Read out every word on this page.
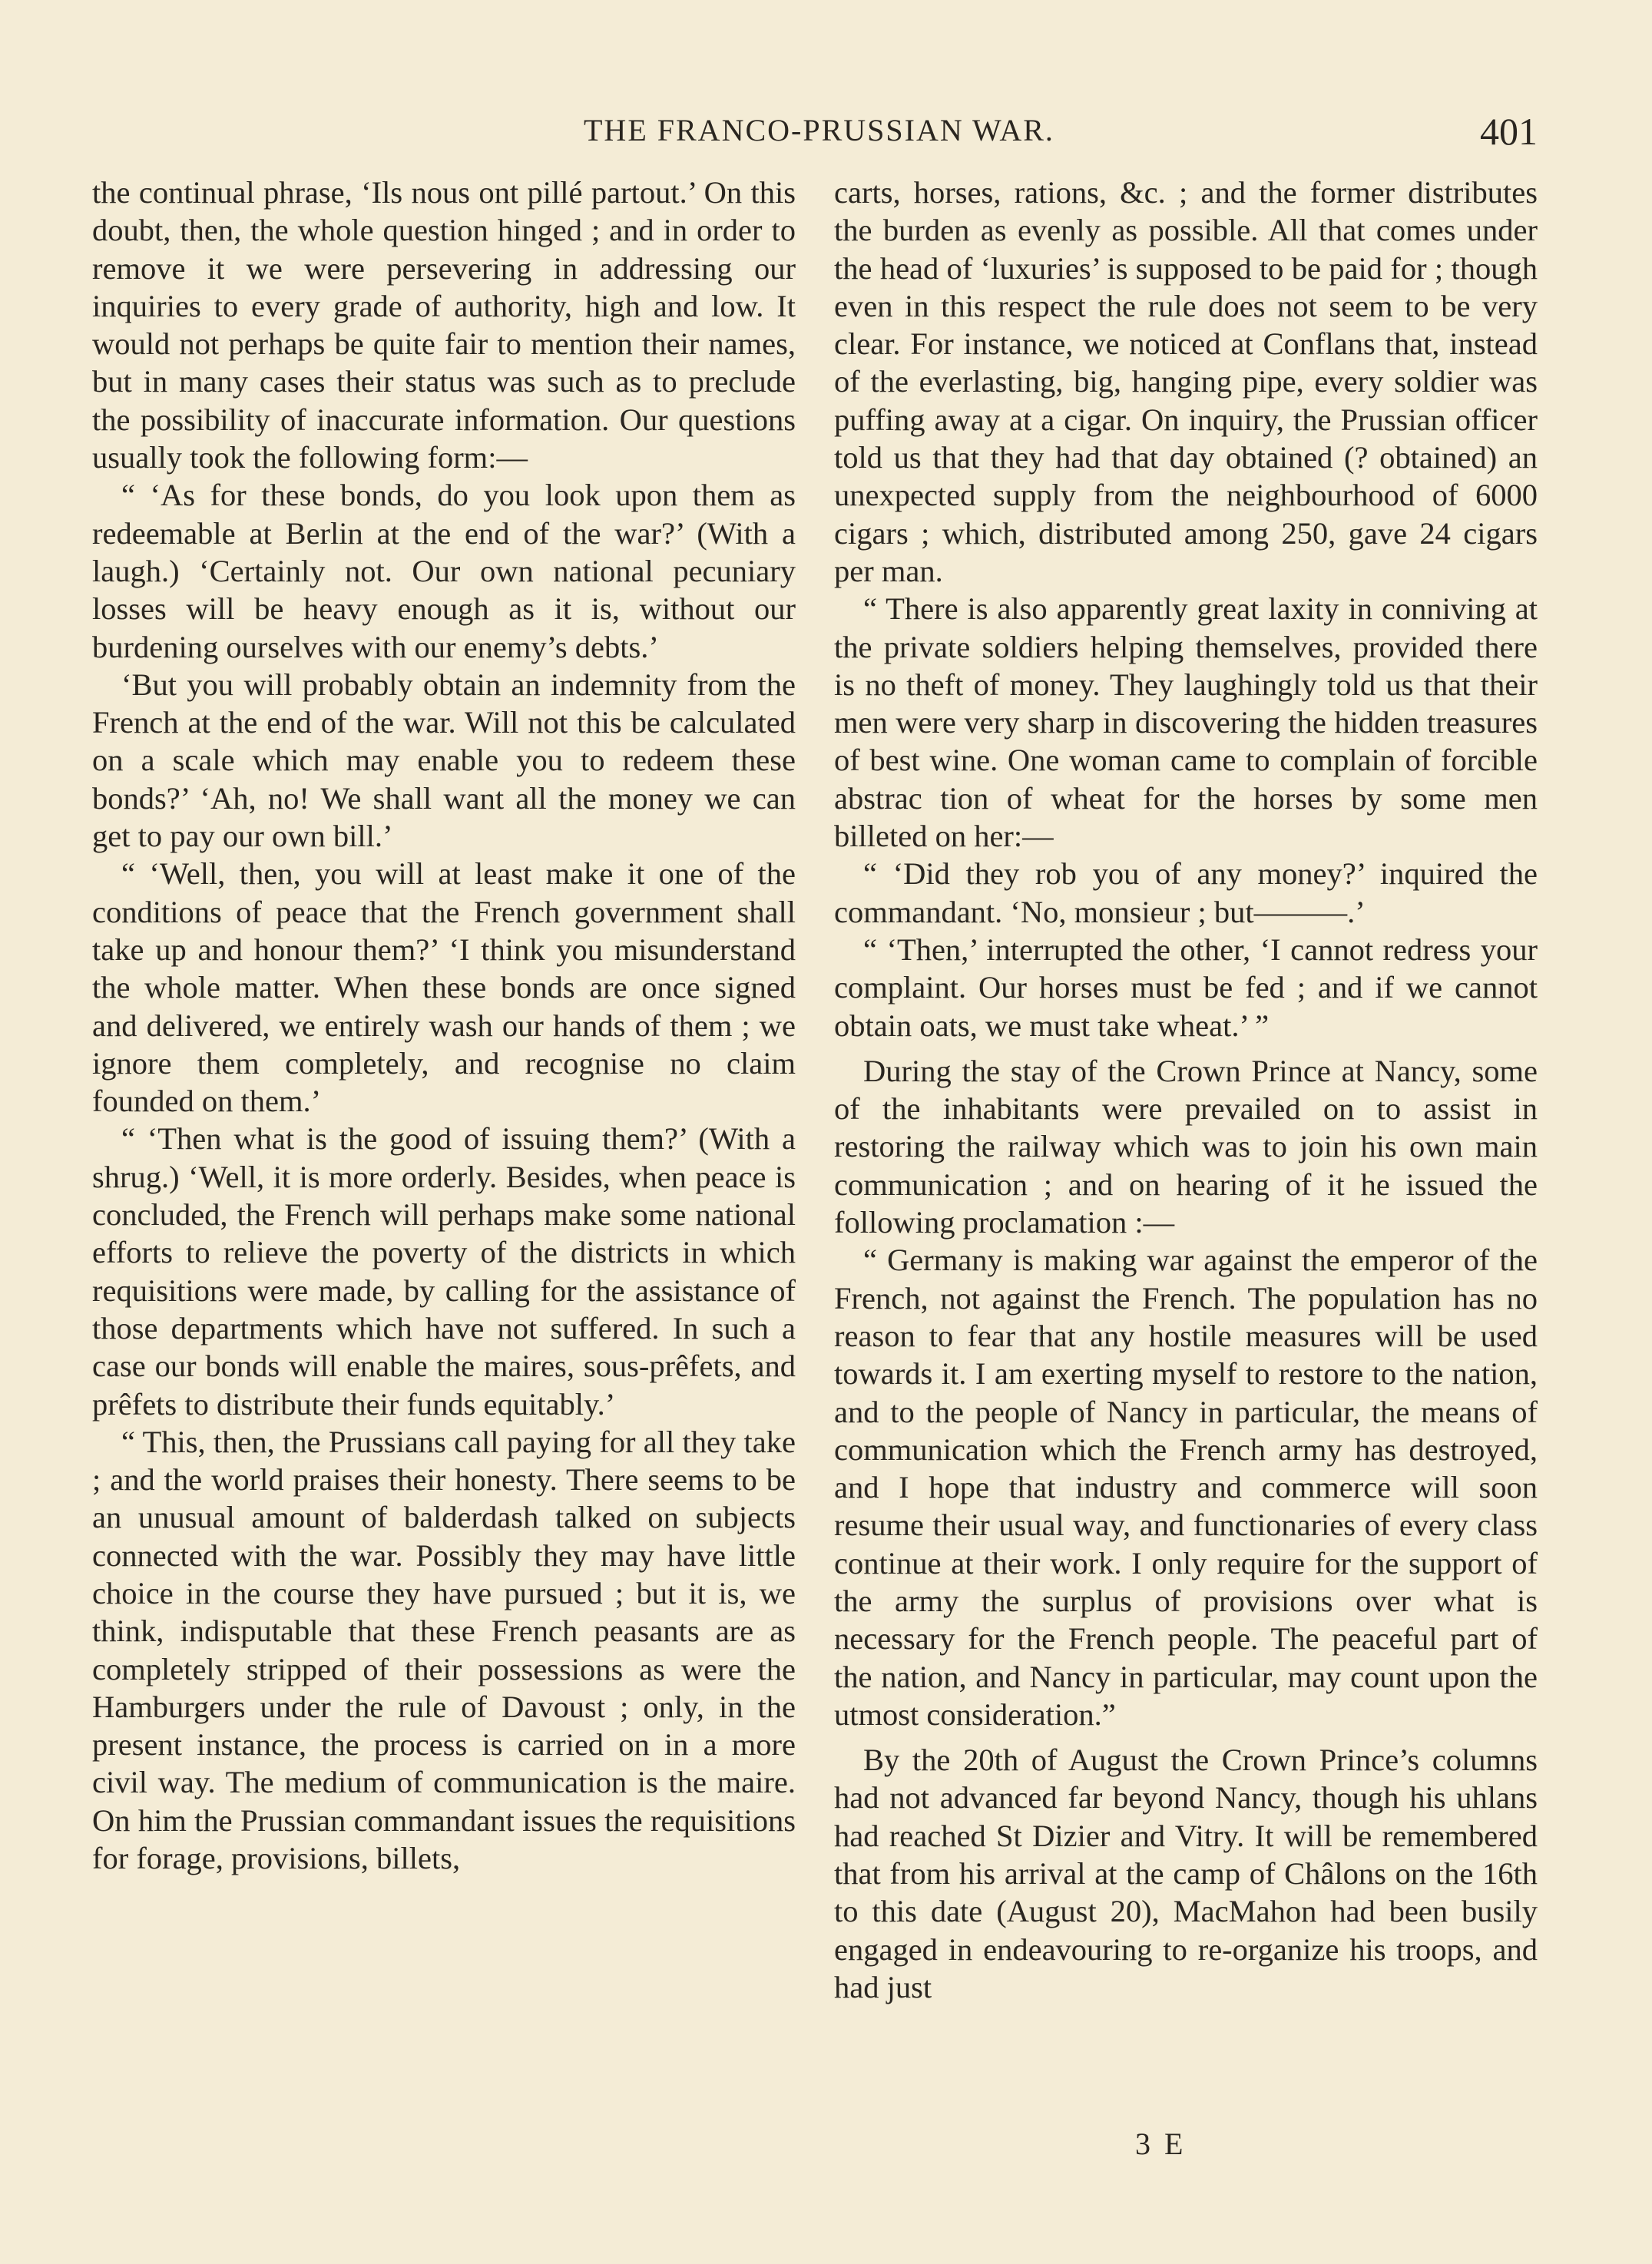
THE FRANCO-PRUSSIAN WAR.	401

the continual phrase, ‘Ils nous ont pillé partout.’ On this doubt, then, the whole question hinged ; and in order to remove it we were persevering in addressing our inquiries to every grade of authority, high and low. It would not perhaps be quite fair to mention their names, but in many cases their status was such as to preclude the possibility of inaccurate information. Our questions usually took the following form:—

“ ‘As for these bonds, do you look upon them as redeemable at Berlin at the end of the war?’ (With a laugh.) ‘Certainly not. Our own national pecuniary losses will be heavy enough as it is, without our burdening ourselves with our enemy’s debts.’

‘But you will probably obtain an indemnity from the French at the end of the war. Will not this be calculated on a scale which may enable you to redeem these bonds?’ ‘Ah, no! We shall want all the money we can get to pay our own bill.’

“ ‘Well, then, you will at least make it one of the conditions of peace that the French government shall take up and honour them?’ ‘I think you misunderstand the whole matter. When these bonds are once signed and delivered, we entirely wash our hands of them ; we ignore them completely, and recognise no claim founded on them.’

“ ‘Then what is the good of issuing them?’ (With a shrug.) ‘Well, it is more orderly. Besides, when peace is concluded, the French will perhaps make some national efforts to relieve the poverty of the districts in which requisitions were made, by calling for the assistance of those departments which have not suffered. In such a case our bonds will enable the maires, sous-prêfets, and prêfets to distribute their funds equitably.’

“ This, then, the Prussians call paying for all they take ; and the world praises their honesty. There seems to be an unusual amount of balderdash talked on subjects connected with the war. Possibly they may have little choice in the course they have pursued ; but it is, we think, indisputable that these French peasants are as completely stripped of their possessions as were the Hamburgers under the rule of Davoust ; only, in the present instance, the process is carried on in a more civil way. The medium of communication is the maire. On him the Prussian commandant issues the requisitions for forage, provisions, billets,

carts, horses, rations, &c. ; and the former distributes the burden as evenly as possible. All that comes under the head of ‘luxuries’ is supposed to be paid for ; though even in this respect the rule does not seem to be very clear. For instance, we noticed at Conflans that, instead of the everlasting, big, hanging pipe, every soldier was puffing away at a cigar. On inquiry, the Prussian officer told us that they had that day obtained (? obtained) an unexpected supply from the neighbourhood of 6000 cigars ; which, distributed among 250, gave 24 cigars per man.

“ There is also apparently great laxity in conniving at the private soldiers helping themselves, provided there is no theft of money. They laughingly told us that their men were very sharp in discovering the hidden treasures of best wine. One woman came to complain of forcible abstrac tion of wheat for the horses by some men billeted on her:—

“ ‘Did they rob you of any money?’ inquired the commandant. ‘No, monsieur ; but———.’

“ ‘Then,’ interrupted the other, ‘I cannot redress your complaint. Our horses must be fed ; and if we cannot obtain oats, we must take wheat.’ ”

During the stay of the Crown Prince at Nancy, some of the inhabitants were prevailed on to assist in restoring the railway which was to join his own main communication ; and on hearing of it he issued the following proclamation :—

“ Germany is making war against the emperor of the French, not against the French. The population has no reason to fear that any hostile measures will be used towards it. I am exerting myself to restore to the nation, and to the people of Nancy in particular, the means of communication which the French army has destroyed, and I hope that industry and commerce will soon resume their usual way, and functionaries of every class continue at their work. I only require for the support of the army the surplus of provisions over what is necessary for the French people. The peaceful part of the nation, and Nancy in particular, may count upon the utmost consideration.”

By the 20th of August the Crown Prince’s columns had not advanced far beyond Nancy, though his uhlans had reached St Dizier and Vitry. It will be remembered that from his arrival at the camp of Châlons on the 16th to this date (August 20), MacMahon had been busily engaged in endeavouring to re-organize his troops, and had just

3 E
